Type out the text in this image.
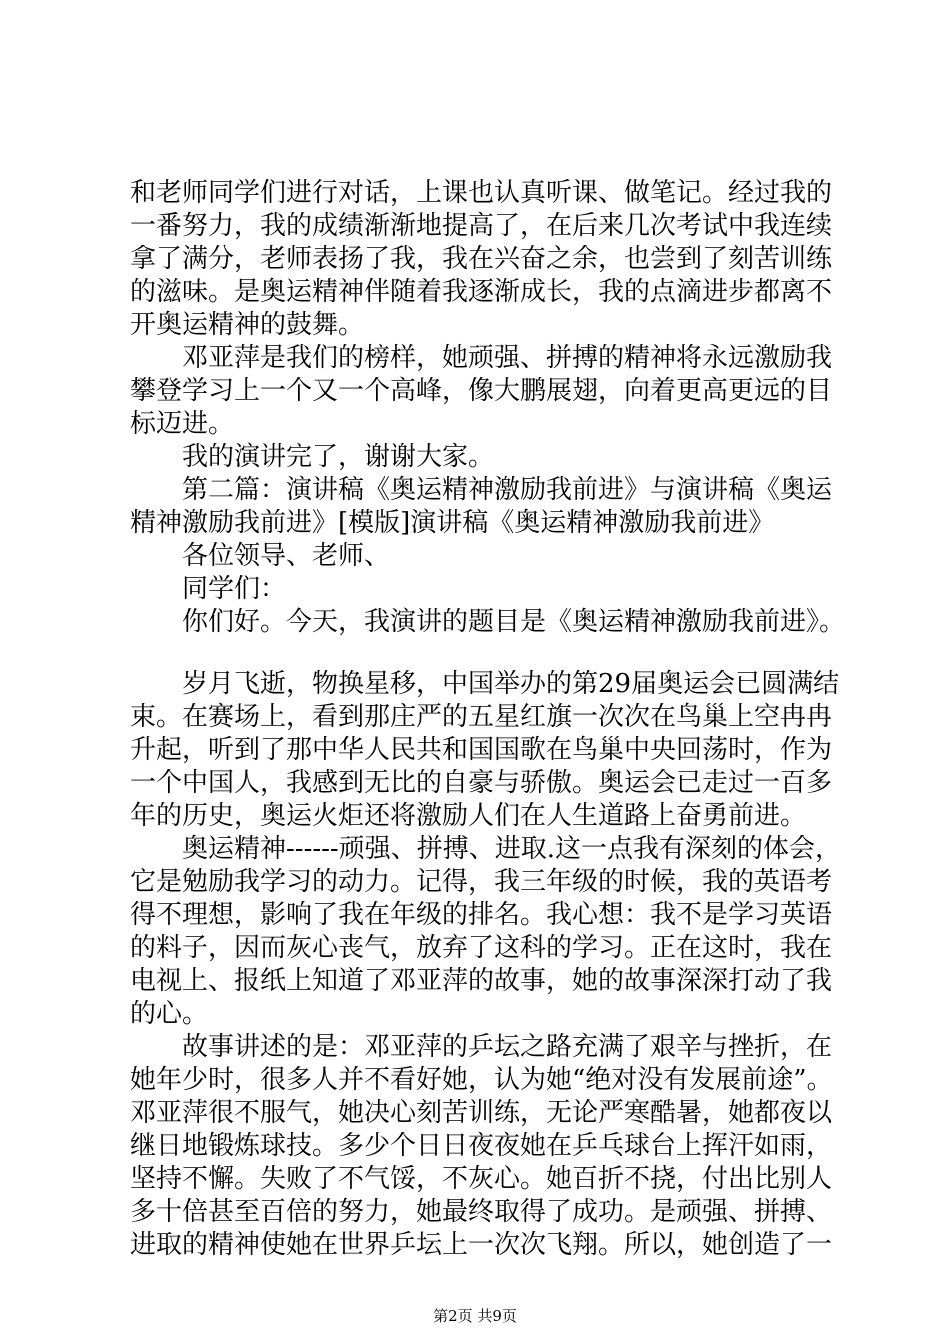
和老师同学们进行对话，上课也认真听课、做笔记。经过我的
一番努力，我的成绩渐渐地提高了，在后来几次考试中我连续
拿了满分，老师表扬了我，我在兴奋之余，也尝到了刻苦训练
的滋味。是奥运精神伴随着我逐渐成长，我的点滴进步都离不
开奥运精神的鼓舞。
　　邓亚萍是我们的榜样，她顽强、拼搏的精神将永远激励我
攀登学习上一个又一个高峰，像大鹏展翅，向着更高更远的目
标迈进。
　　我的演讲完了，谢谢大家。
　　第二篇：演讲稿《奥运精神激励我前进》与演讲稿《奥运
精神激励我前进》[模版]演讲稿《奥运精神激励我前进》
　　各位领导、老师、
　　同学们：
　　你们好。今天，我演讲的题目是《奥运精神激励我前进》。
　　岁月飞逝，物换星移，中国举办的第29届奥运会已圆满结
束。在赛场上，看到那庄严的五星红旗一次次在鸟巢上空冉冉
升起，听到了那中华人民共和国国歌在鸟巢中央回荡时，作为
一个中国人，我感到无比的自豪与骄傲。奥运会已走过一百多
年的历史，奥运火炬还将激励人们在人生道路上奋勇前进。
　　奥运精神------顽强、拼搏、进取.这一点我有深刻的体会，
它是勉励我学习的动力。记得，我三年级的时候，我的英语考
得不理想，影响了我在年级的排名。我心想：我不是学习英语
的料子，因而灰心丧气，放弃了这科的学习。正在这时，我在
电视上、报纸上知道了邓亚萍的故事，她的故事深深打动了我
的心。
　　故事讲述的是：邓亚萍的乒坛之路充满了艰辛与挫折，在
她年少时，很多人并不看好她，认为她“绝对没有发展前途”。
邓亚萍很不服气，她决心刻苦训练，无论严寒酷暑，她都夜以
继日地锻炼球技。多少个日日夜夜她在乒乓球台上挥汗如雨，
坚持不懈。失败了不气馁，不灰心。她百折不挠，付出比别人
多十倍甚至百倍的努力，她最终取得了成功。是顽强、拼搏、
进取的精神使她在世界乒坛上一次次飞翔。所以，她创造了一
第2页 共9页
